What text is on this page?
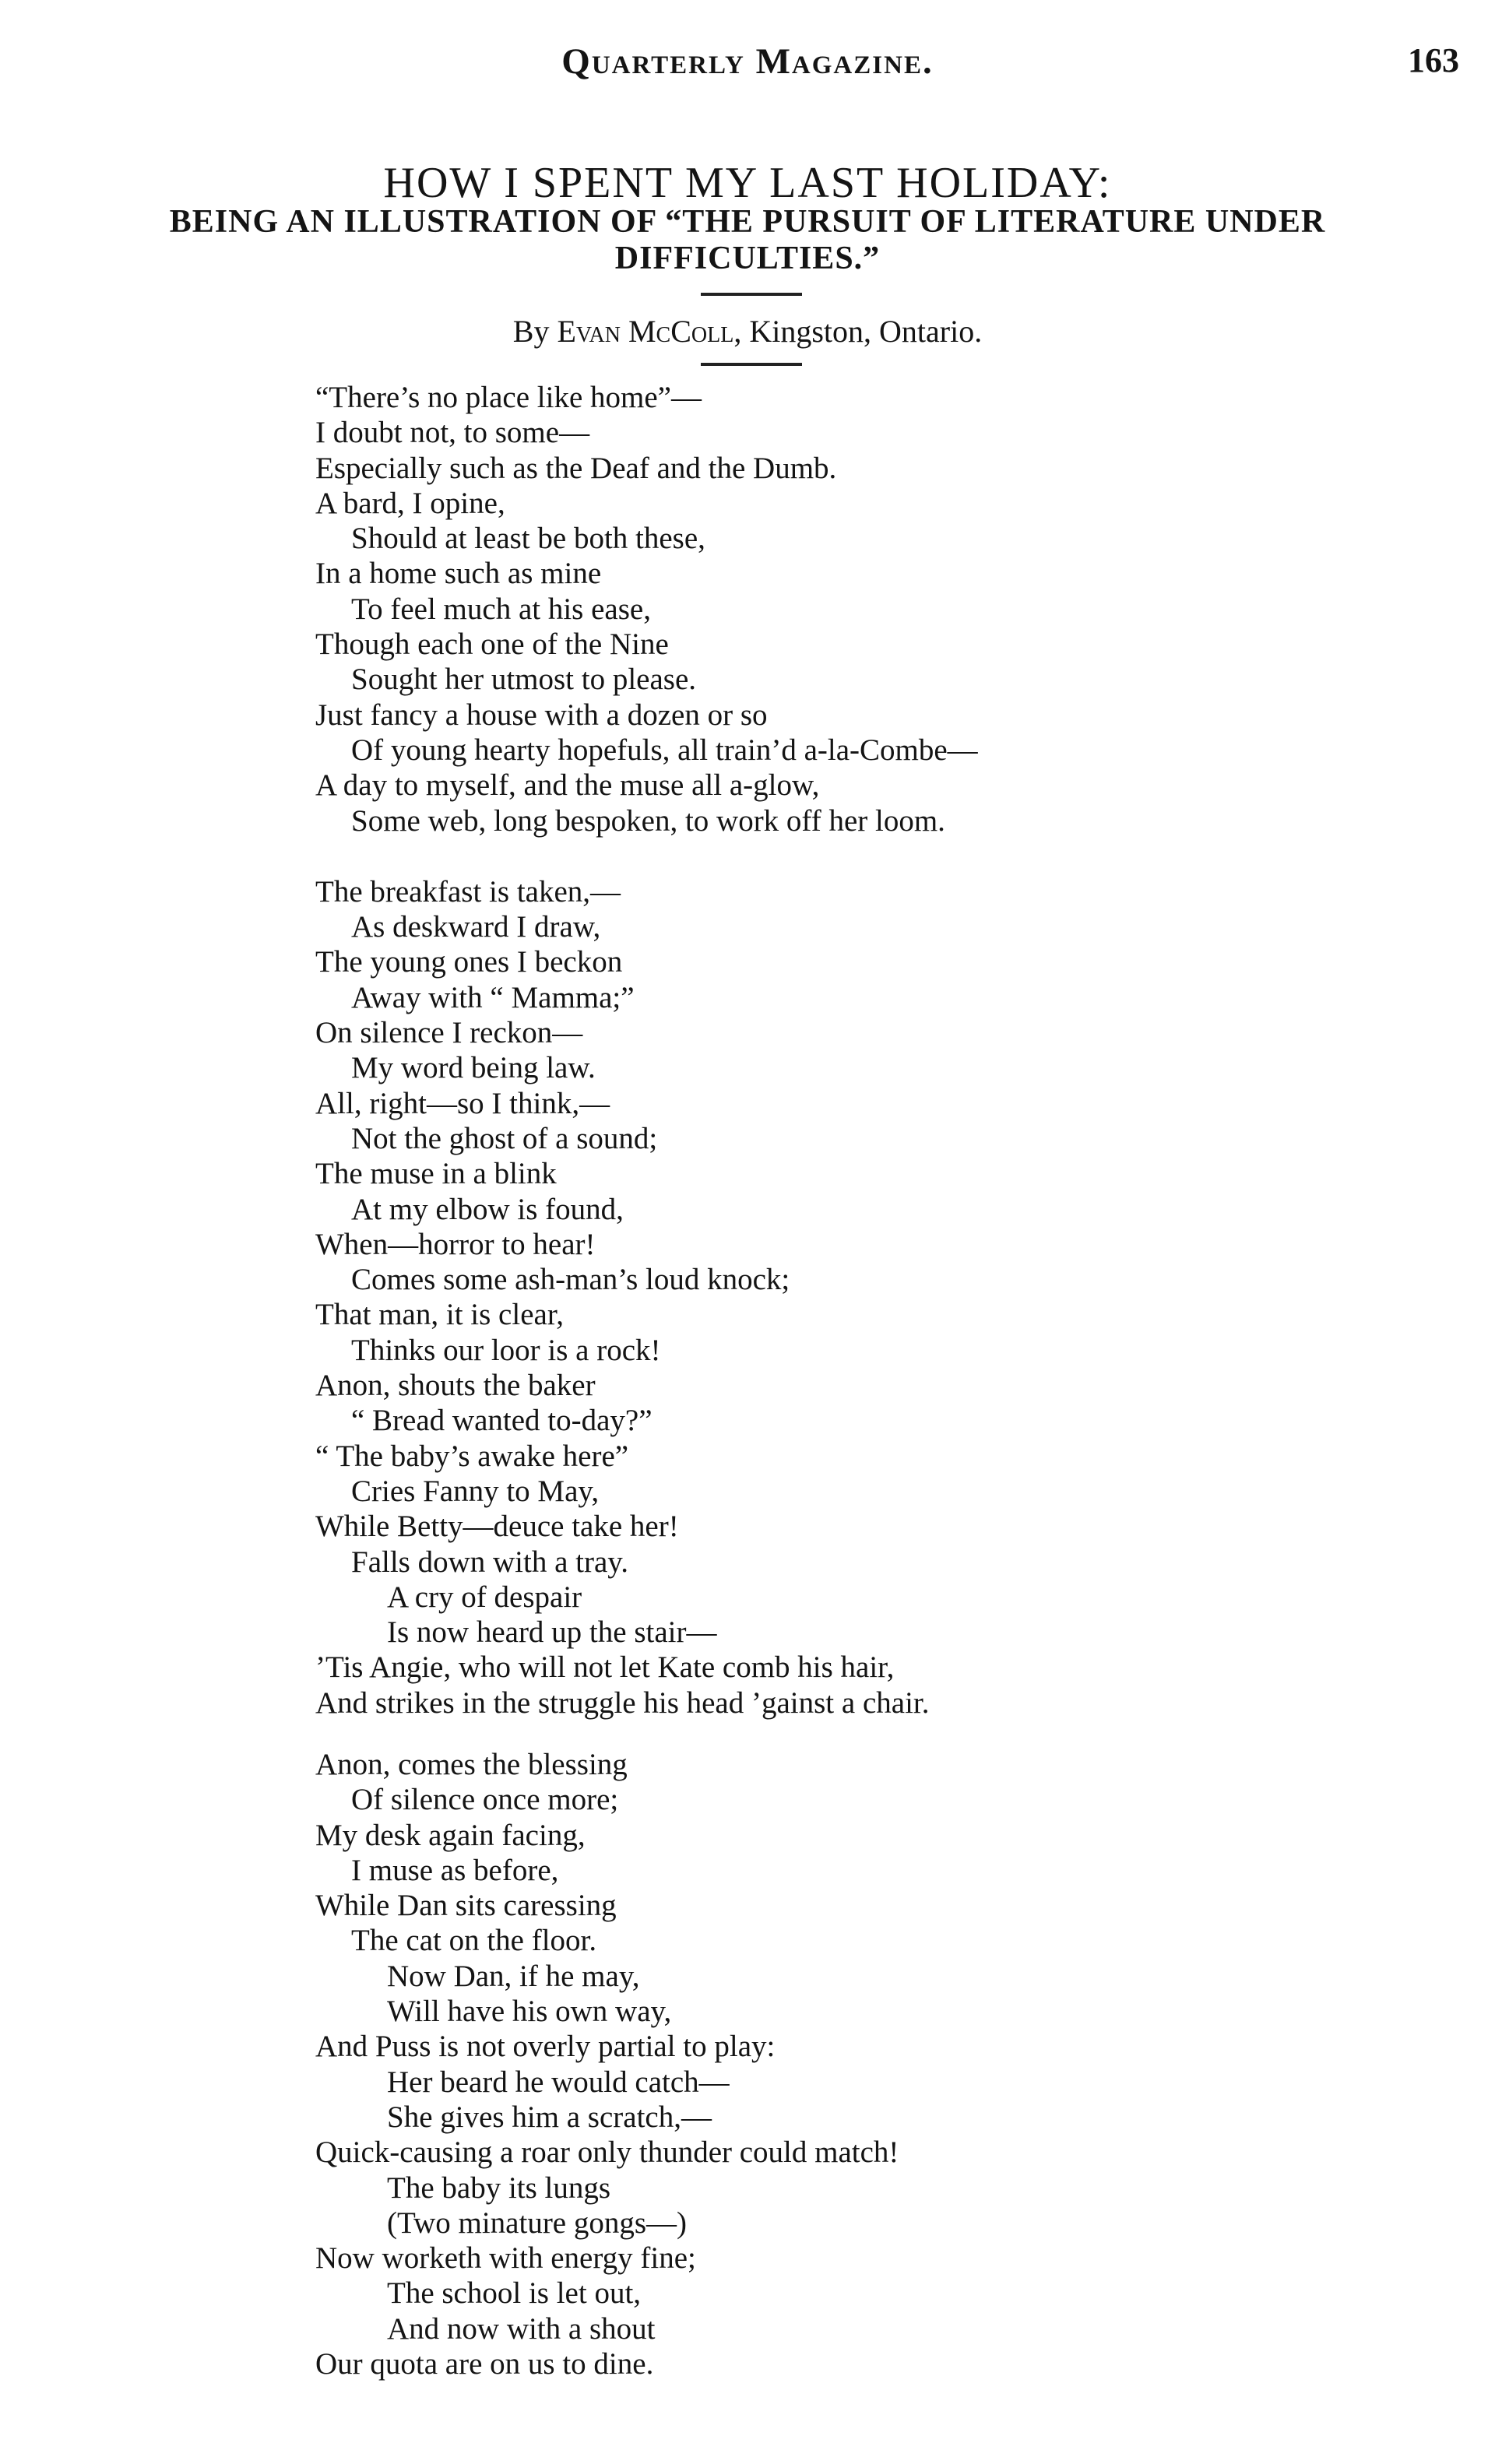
Quarterly Magazine.	163
HOW I SPENT MY LAST HOLIDAY:
BEING AN ILLUSTRATION OF “THE PURSUIT OF LITERATURE UNDER DIFFICULTIES.”
By Evan McColl, Kingston, Ontario.
“There’s no place like home”—
I doubt not, to some—
Especially such as the Deaf and the Dumb.
A bard, I opine,
Should at least be both these,
In a home such as mine
To feel much at his ease,
Though each one of the Nine
Sought her utmost to please.
Just fancy a house with a dozen or so
Of young hearty hopefuls, all train’d a-la-Combe—
A day to myself, and the muse all a-glow,
Some web, long bespoken, to work off her loom.
The breakfast is taken,—
As deskward I draw,
The young ones I beckon
Away with “ Mamma;”
On silence I reckon—
My word being law.
All, right—so I think,—
Not the ghost of a sound;
The muse in a blink
At my elbow is found,
When—horror to hear!
Comes some ash-man’s loud knock;
That man, it is clear,
Thinks our loor is a rock!
Anon, shouts the baker
“ Bread wanted to-day?”
“ The baby’s awake here”
Cries Fanny to May,
While Betty—deuce take her!
Falls down with a tray.
A cry of despair
Is now heard up the stair—
’Tis Angie, who will not let Kate comb his hair,
And strikes in the struggle his head ’gainst a chair.
Anon, comes the blessing
Of silence once more;
My desk again facing,
I muse as before,
While Dan sits caressing
The cat on the floor.
Now Dan, if he may,
Will have his own way,
And Puss is not overly partial to play:
Her beard he would catch—
She gives him a scratch,—
Quick-causing a roar only thunder could match!
The baby its lungs
(Two minature gongs—)
Now worketh with energy fine;
The school is let out,
And now with a shout
Our quota are on us to dine.
